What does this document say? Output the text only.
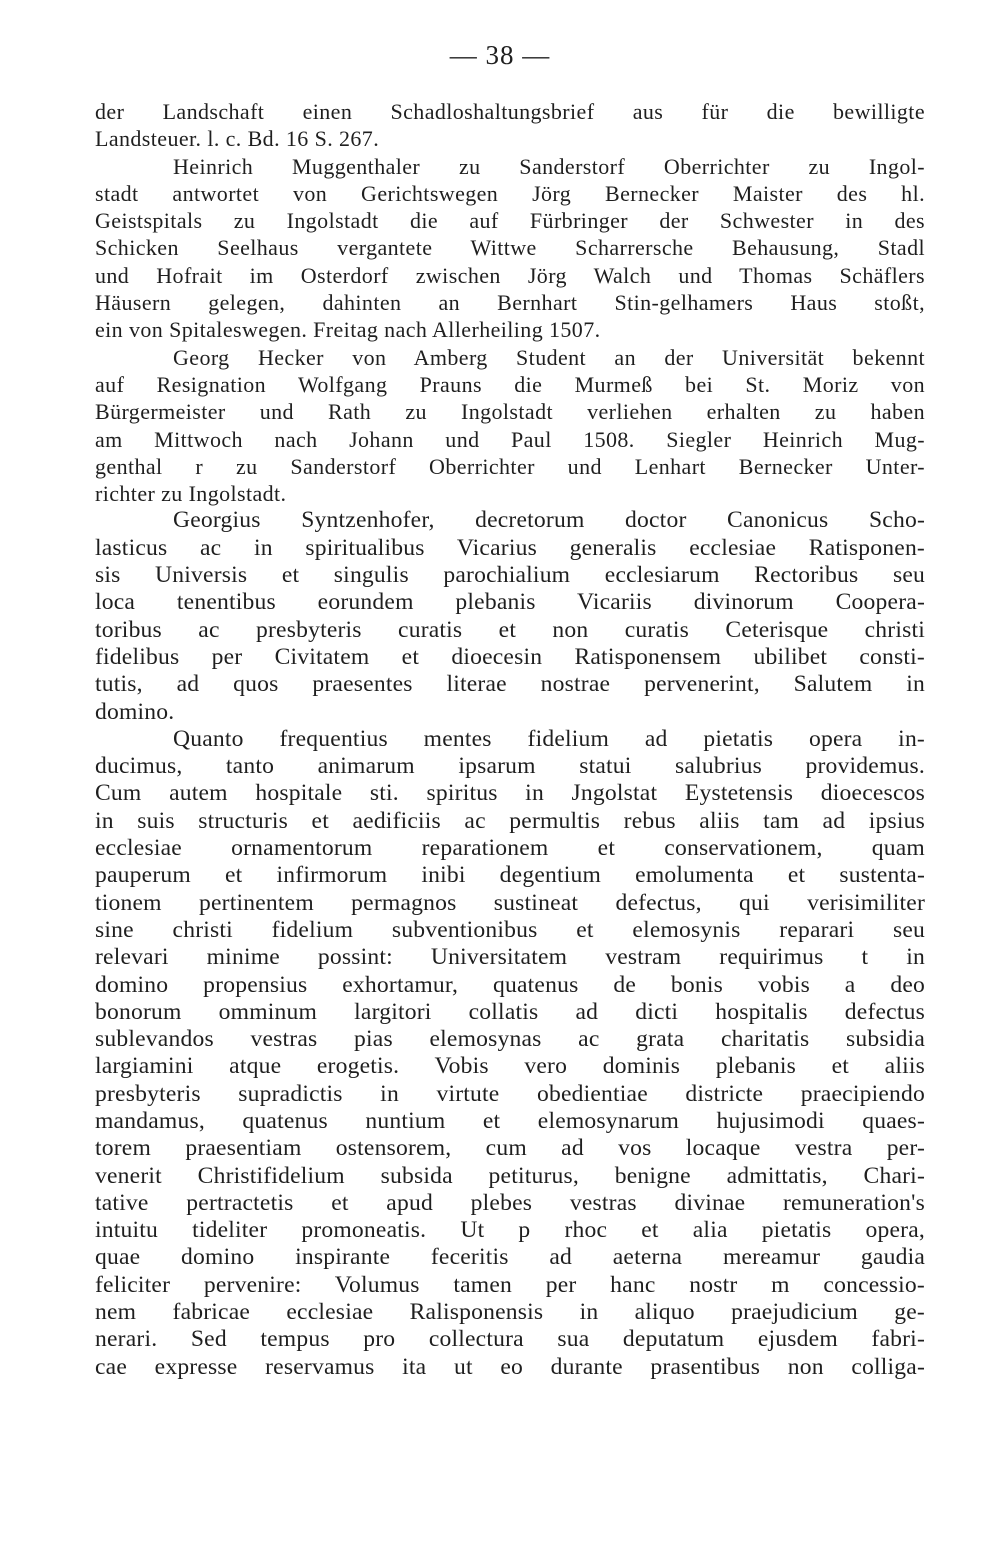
— 38 —
der Landschaft einen Schadloshaltungsbrief aus für die bewilligte
Landsteuer. l. c. Bd. 16 S. 267.
Heinrich Muggenthaler zu Sanderstorf Oberrichter zu Ingol-
stadt antwortet von Gerichtswegen Jörg Bernecker Maister des hl.
Geistspitals zu Ingolstadt die auf Fürbringer der Schwester in des
Schicken Seelhaus vergantete Wittwe Scharrersche Behausung, Stadl
und Hofrait im Osterdorf zwischen Jörg Walch und Thomas Schäflers
Häusern gelegen, dahinten an Bernhart Stin-gelhamers Haus stoßt,
ein von Spitaleswegen. Freitag nach Allerheiling 1507.
Georg Hecker von Amberg Student an der Universität bekennt
auf Resignation Wolfgang Prauns die Murmeß bei St. Moriz von
Bürgermeister und Rath zu Ingolstadt verliehen erhalten zu haben
am Mittwoch nach Johann und Paul 1508. Siegler Heinrich Mug-
genthal r zu Sanderstorf Oberrichter und Lenhart Bernecker Unter-
richter zu Ingolstadt.
Georgius Syntzenhofer, decretorum doctor Canonicus Scho-
lasticus ac in spiritualibus Vicarius generalis ecclesiae Ratisponen-
sis Universis et singulis parochialium ecclesiarum Rectoribus seu
loca tenentibus eorundem plebanis Vicariis divinorum Coopera-
toribus ac presbyteris curatis et non curatis Ceterisque christi
fidelibus per Civitatem et dioecesin Ratisponensem ubilibet consti-
tutis, ad quos praesentes literae nostrae pervenerint, Salutem in
domino.
Quanto frequentius mentes fidelium ad pietatis opera in-
ducimus, tanto animarum ipsarum statui salubrius providemus.
Cum autem hospitale sti. spiritus in Jngolstat Eystetensis dioecescos
in suis structuris et aedificiis ac permultis rebus aliis tam ad ipsius
ecclesiae ornamentorum reparationem et conservationem, quam
pauperum et infirmorum inibi degentium emolumenta et sustenta-
tionem pertinentem permagnos sustineat defectus, qui verisimiliter
sine christi fidelium subventionibus et elemosynis reparari seu
relevari minime possint: Universitatem vestram requirimus t in
domino propensius exhortamur, quatenus de bonis vobis a deo
bonorum omminum largitori collatis ad dicti hospitalis defectus
sublevandos vestras pias elemosynas ac grata charitatis subsidia
largiamini atque erogetis. Vobis vero dominis plebanis et aliis
presbyteris supradictis in virtute obedientiae districte praecipiendo
mandamus, quatenus nuntium et elemosynarum hujusimodi quaes-
torem praesentiam ostensorem, cum ad vos locaque vestra per-
venerit Christifidelium subsida petiturus, benigne admittatis, Chari-
tative pertractetis et apud plebes vestras divinae remuneration's
intuitu tideliter promoneatis. Ut p rhoc et alia pietatis opera,
quae domino inspirante feceritis ad aeterna mereamur gaudia
feliciter pervenire: Volumus tamen per hanc nostr m concessio-
nem fabricae ecclesiae Ralisponensis in aliquo praejudicium ge-
nerari. Sed tempus pro collectura sua deputatum ejusdem fabri-
cae expresse reservamus ita ut eo durante prasentibus non colliga-
